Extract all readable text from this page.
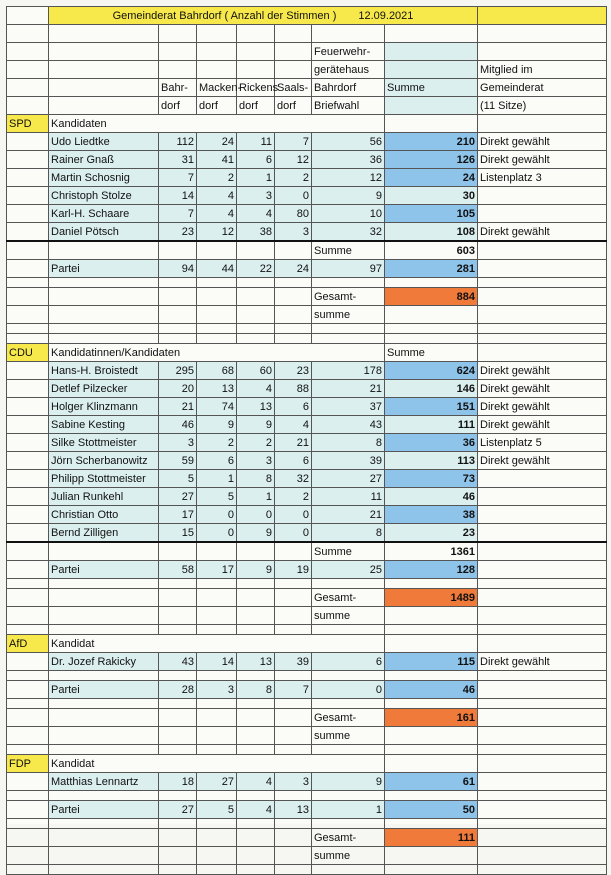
	Gemeinderat Bahrdorf ( Anzahl der Stimmen ) 12.09.2021							

						Feuerwehr-		
						gerätehaus		Mitglied im
		Bahr-	Macken-	Rickens	Saals-	Bahrdorf	Summe	Gemeinderat
		dorf	dorf	dorf	dorf	Briefwahl		(11 Sitze)
SPD	Kandidaten							
	Udo Liedtke	112	24	11	7	56	210	Direkt gewählt
	Rainer Gnaß	31	41	6	12	36	126	Direkt gewählt
	Martin Schosnig	7	2	1	2	12	24	Listenplatz 3
	Christoph Stolze	14	4	3	0	9	30	
	Karl-H. Schaare	7	4	4	80	10	105	
	Daniel Pötsch	23	12	38	3	32	108	Direkt gewählt
						Summe	603	
	Partei	94	44	22	24	97	281	

						Gesamt-	884	
						summe		

CDU	Kandidatinnen/Kandidaten						Summe	
	Hans-H. Broistedt	295	68	60	23	178	624	Direkt gewählt
	Detlef Pilzecker	20	13	4	88	21	146	Direkt gewählt
	Holger Klinzmann	21	74	13	6	37	151	Direkt gewählt
	Sabine Kesting	46	9	9	4	43	111	Direkt gewählt
	Silke Stottmeister	3	2	2	21	8	36	Listenplatz 5
	Jörn Scherbanowitz	59	6	3	6	39	113	Direkt gewählt
	Philipp Stottmeister	5	1	8	32	27	73	
	Julian Runkehl	27	5	1	2	11	46	
	Christian Otto	17	0	0	0	21	38	
	Bernd Zilligen	15	0	9	0	8	23	
						Summe	1361	
	Partei	58	17	9	19	25	128	

						Gesamt-	1489	
						summe		

AfD	Kandidat							
	Dr. Jozef Rakicky	43	14	13	39	6	115	Direkt gewählt

	Partei	28	3	8	7	0	46	

						Gesamt-	161	
						summe		

FDP	Kandidat							
	Matthias Lennartz	18	27	4	3	9	61	

	Partei	27	5	4	13	1	50	

						Gesamt-	111	
						summe		
